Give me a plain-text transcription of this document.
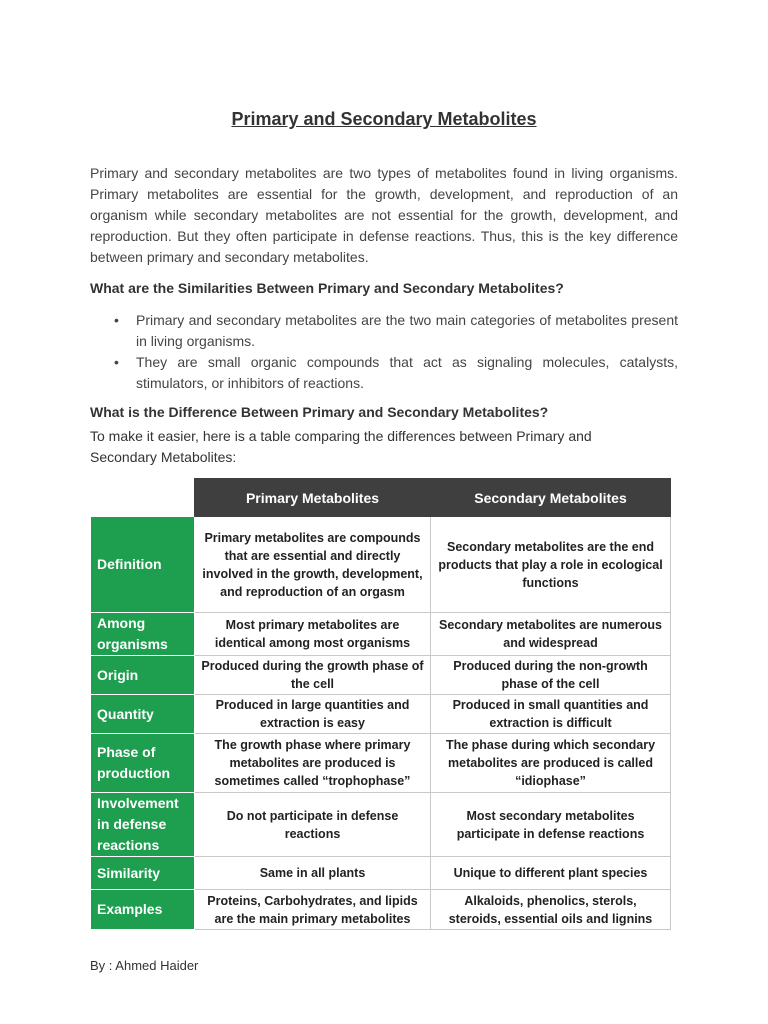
Primary and Secondary Metabolites
Primary and secondary metabolites are two types of metabolites found in living organisms. Primary metabolites are essential for the growth, development, and reproduction of an organism while secondary metabolites are not essential for the growth, development, and reproduction. But they often participate in defense reactions. Thus, this is the key difference between primary and secondary metabolites.
What are the Similarities Between Primary and Secondary Metabolites?
• Primary and secondary metabolites are the two main categories of metabolites present in living organisms.
• They are small organic compounds that act as signaling molecules, catalysts, stimulators, or inhibitors of reactions.
What is the Difference Between Primary and Secondary Metabolites?
To make it easier, here is a table comparing the differences between Primary and Secondary Metabolites:
	Primary Metabolites	Secondary Metabolites
Definition	Primary metabolites are compounds that are essential and directly involved in the growth, development, and reproduction of an orgasm	Secondary metabolites are the end products that play a role in ecological functions
Among organisms	Most primary metabolites are identical among most organisms	Secondary metabolites are numerous and widespread
Origin	Produced during the growth phase of the cell	Produced during the non-growth phase of the cell
Quantity	Produced in large quantities and extraction is easy	Produced in small quantities and extraction is difficult
Phase of production	The growth phase where primary metabolites are produced is sometimes called “trophophase”	The phase during which secondary metabolites are produced is called “idiophase”
Involvement in defense reactions	Do not participate in defense reactions	Most secondary metabolites participate in defense reactions
Similarity	Same in all plants	Unique to different plant species
Examples	Proteins, Carbohydrates, and lipids are the main primary metabolites	Alkaloids, phenolics, sterols, steroids, essential oils and lignins
By : Ahmed Haider
